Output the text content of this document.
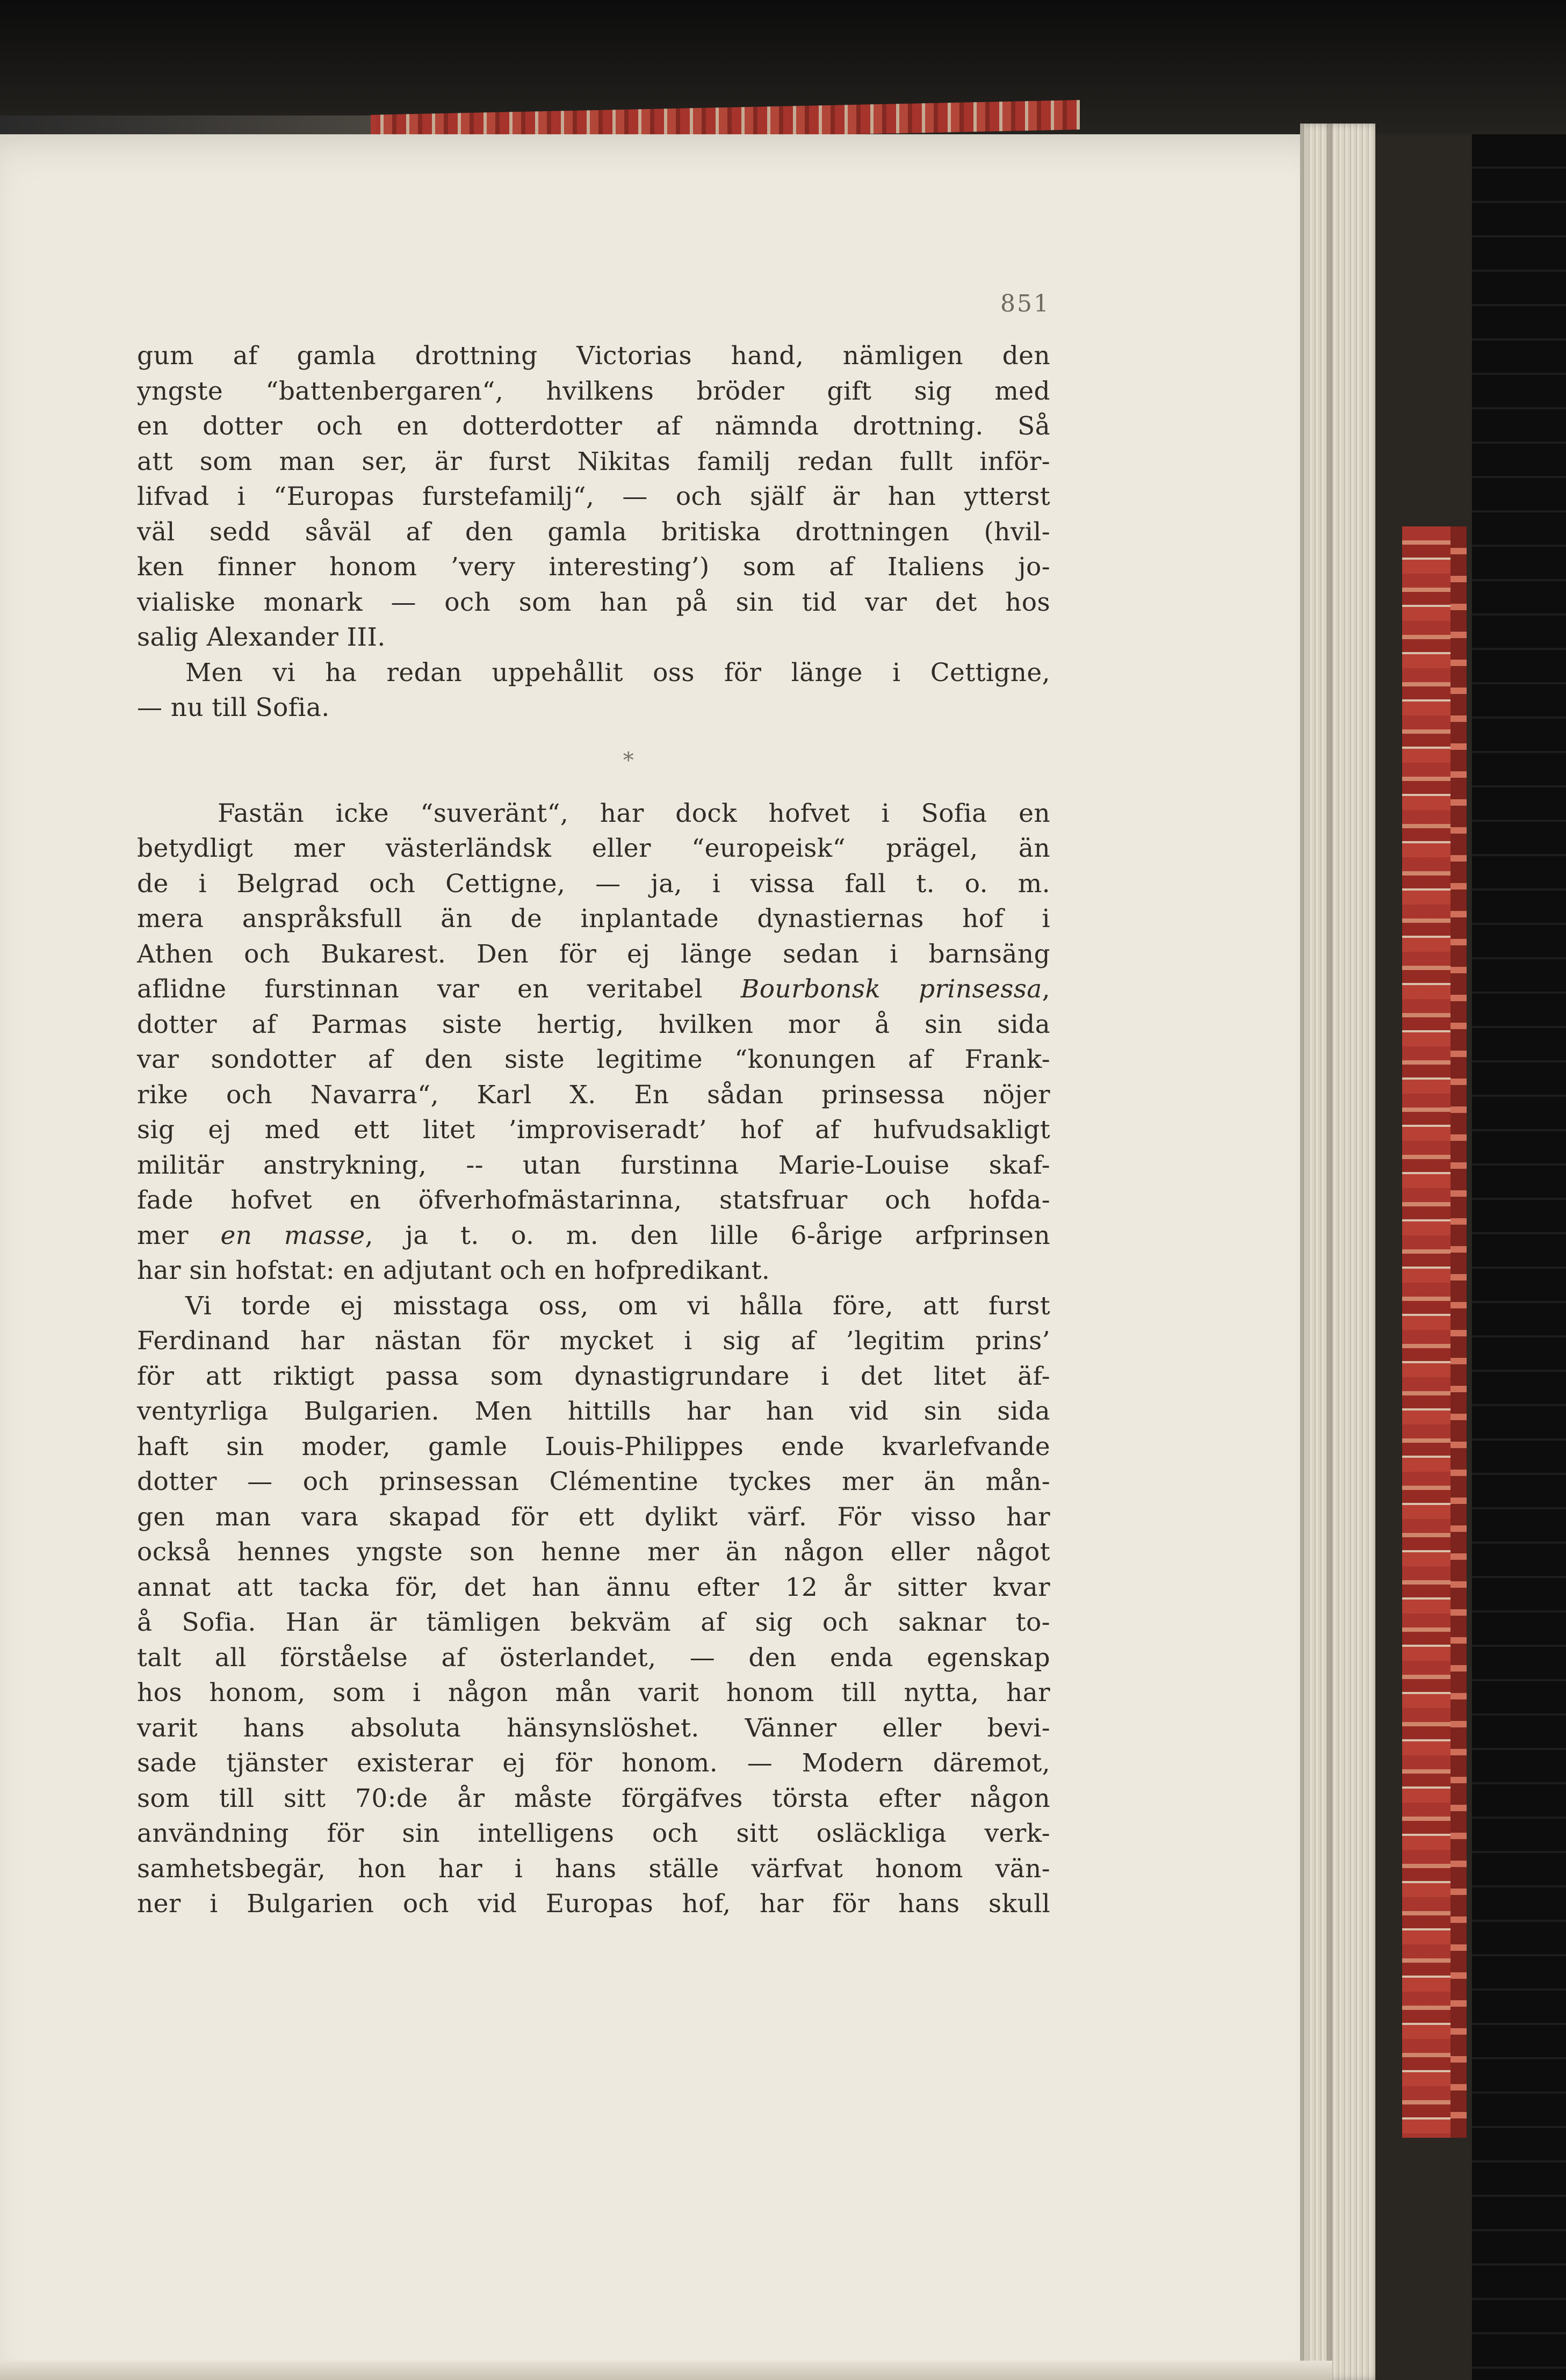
851
gum af gamla drottning Victorias hand, nämligen den
yngste “battenbergaren“, hvilkens bröder gift sig med
en dotter och en dotterdotter af nämnda drottning. Så
att som man ser, är furst Nikitas familj redan fullt inför-
lifvad i “Europas furstefamilj“, — och själf är han ytterst
väl sedd såväl af den gamla britiska drottningen (hvil-
ken finner honom ’very interesting’) som af Italiens jo-
vialiske monark — och som han på sin tid var det hos
salig Alexander III.
Men vi ha redan uppehållit oss för länge i Cettigne,
— nu till Sofia.
*
Fastän icke “suveränt“, har dock hofvet i Sofia en
betydligt mer västerländsk eller “europeisk“ prägel, än
de i Belgrad och Cettigne, — ja, i vissa fall t. o. m.
mera anspråksfull än de inplantade dynastiernas hof i
Athen och Bukarest. Den för ej länge sedan i barnsäng
aflidne furstinnan var en veritabel Bourbonsk prinsessa,
dotter af Parmas siste hertig, hvilken mor å sin sida
var sondotter af den siste legitime “konungen af Frank-
rike och Navarra“, Karl X. En sådan prinsessa nöjer
sig ej med ett litet ’improviseradt’ hof af hufvudsakligt
militär anstrykning, -- utan furstinna Marie-Louise skaf-
fade hofvet en öfverhofmästarinna, statsfruar och hofda-
mer en masse, ja t. o. m. den lille 6-årige arfprinsen
har sin hofstat: en adjutant och en hofpredikant.
Vi torde ej misstaga oss, om vi hålla före, att furst
Ferdinand har nästan för mycket i sig af ’legitim prins’
för att riktigt passa som dynastigrundare i det litet äf-
ventyrliga Bulgarien. Men hittills har han vid sin sida
haft sin moder, gamle Louis-Philippes ende kvarlefvande
dotter — och prinsessan Clémentine tyckes mer än mån-
gen man vara skapad för ett dylikt värf. För visso har
också hennes yngste son henne mer än någon eller något
annat att tacka för, det han ännu efter 12 år sitter kvar
å Sofia. Han är tämligen bekväm af sig och saknar to-
talt all förståelse af österlandet, — den enda egenskap
hos honom, som i någon mån varit honom till nytta, har
varit hans absoluta hänsynslöshet. Vänner eller bevi-
sade tjänster existerar ej för honom. — Modern däremot,
som till sitt 70:de år måste förgäfves törsta efter någon
användning för sin intelligens och sitt osläckliga verk-
samhetsbegär, hon har i hans ställe värfvat honom vän-
ner i Bulgarien och vid Europas hof, har för hans skull
